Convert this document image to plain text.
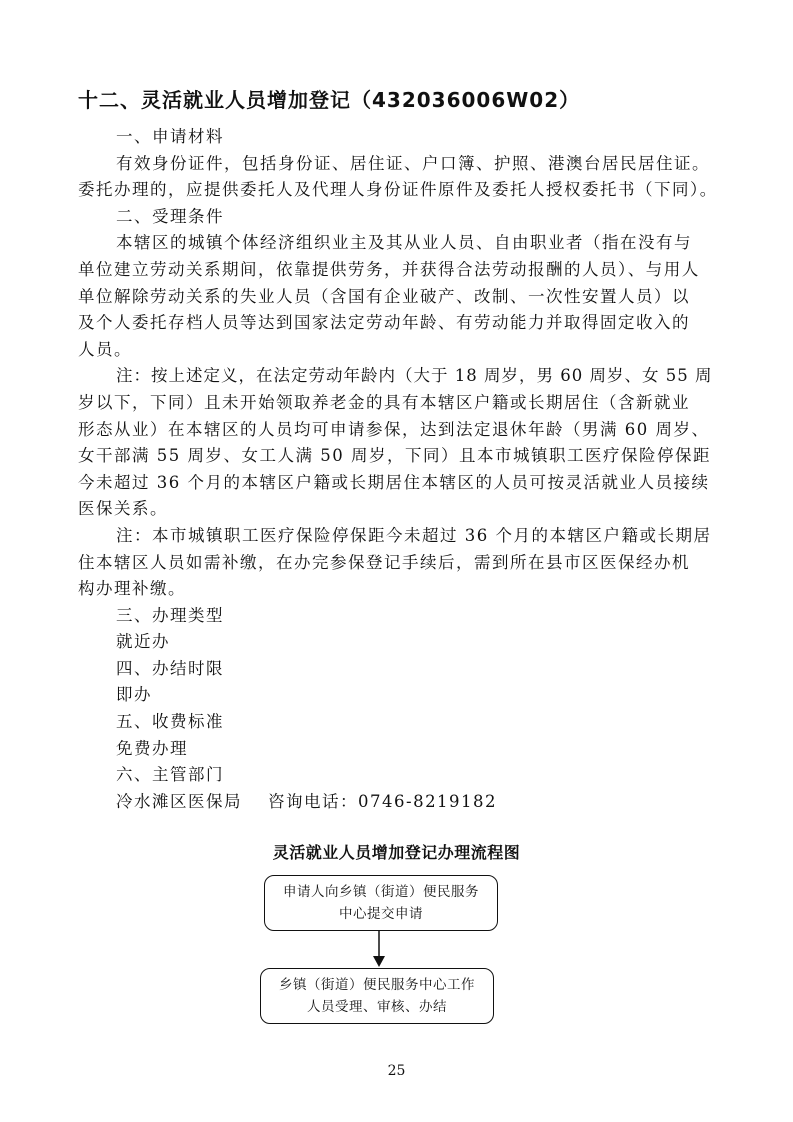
十二、灵活就业人员增加登记（432036006W02）
一、申请材料
有效身份证件，包括身份证、居住证、户口簿、护照、港澳台居民居住证。
委托办理的，应提供委托人及代理人身份证件原件及委托人授权委托书（下同）。
二、受理条件
本辖区的城镇个体经济组织业主及其从业人员、自由职业者（指在没有与
单位建立劳动关系期间，依靠提供劳务，并获得合法劳动报酬的人员）、与用人
单位解除劳动关系的失业人员（含国有企业破产、改制、一次性安置人员）以
及个人委托存档人员等达到国家法定劳动年龄、有劳动能力并取得固定收入的
人员。
注：按上述定义，在法定劳动年龄内（大于 18 周岁，男 60 周岁、女 55 周
岁以下，下同）且未开始领取养老金的具有本辖区户籍或长期居住（含新就业
形态从业）在本辖区的人员均可申请参保，达到法定退休年龄（男满 60 周岁、
女干部满 55 周岁、女工人满 50 周岁，下同）且本市城镇职工医疗保险停保距
今未超过 36 个月的本辖区户籍或长期居住本辖区的人员可按灵活就业人员接续
医保关系。
注：本市城镇职工医疗保险停保距今未超过 36 个月的本辖区户籍或长期居
住本辖区人员如需补缴，在办完参保登记手续后，需到所在县市区医保经办机
构办理补缴。
三、办理类型
就近办
四、办结时限
即办
五、收费标准
免费办理
六、主管部门
冷水滩区医保局 咨询电话：0746-8219182
灵活就业人员增加登记办理流程图
申请人向乡镇（街道）便民服务
中心提交申请
乡镇（街道）便民服务中心工作
人员受理、审核、办结
25
